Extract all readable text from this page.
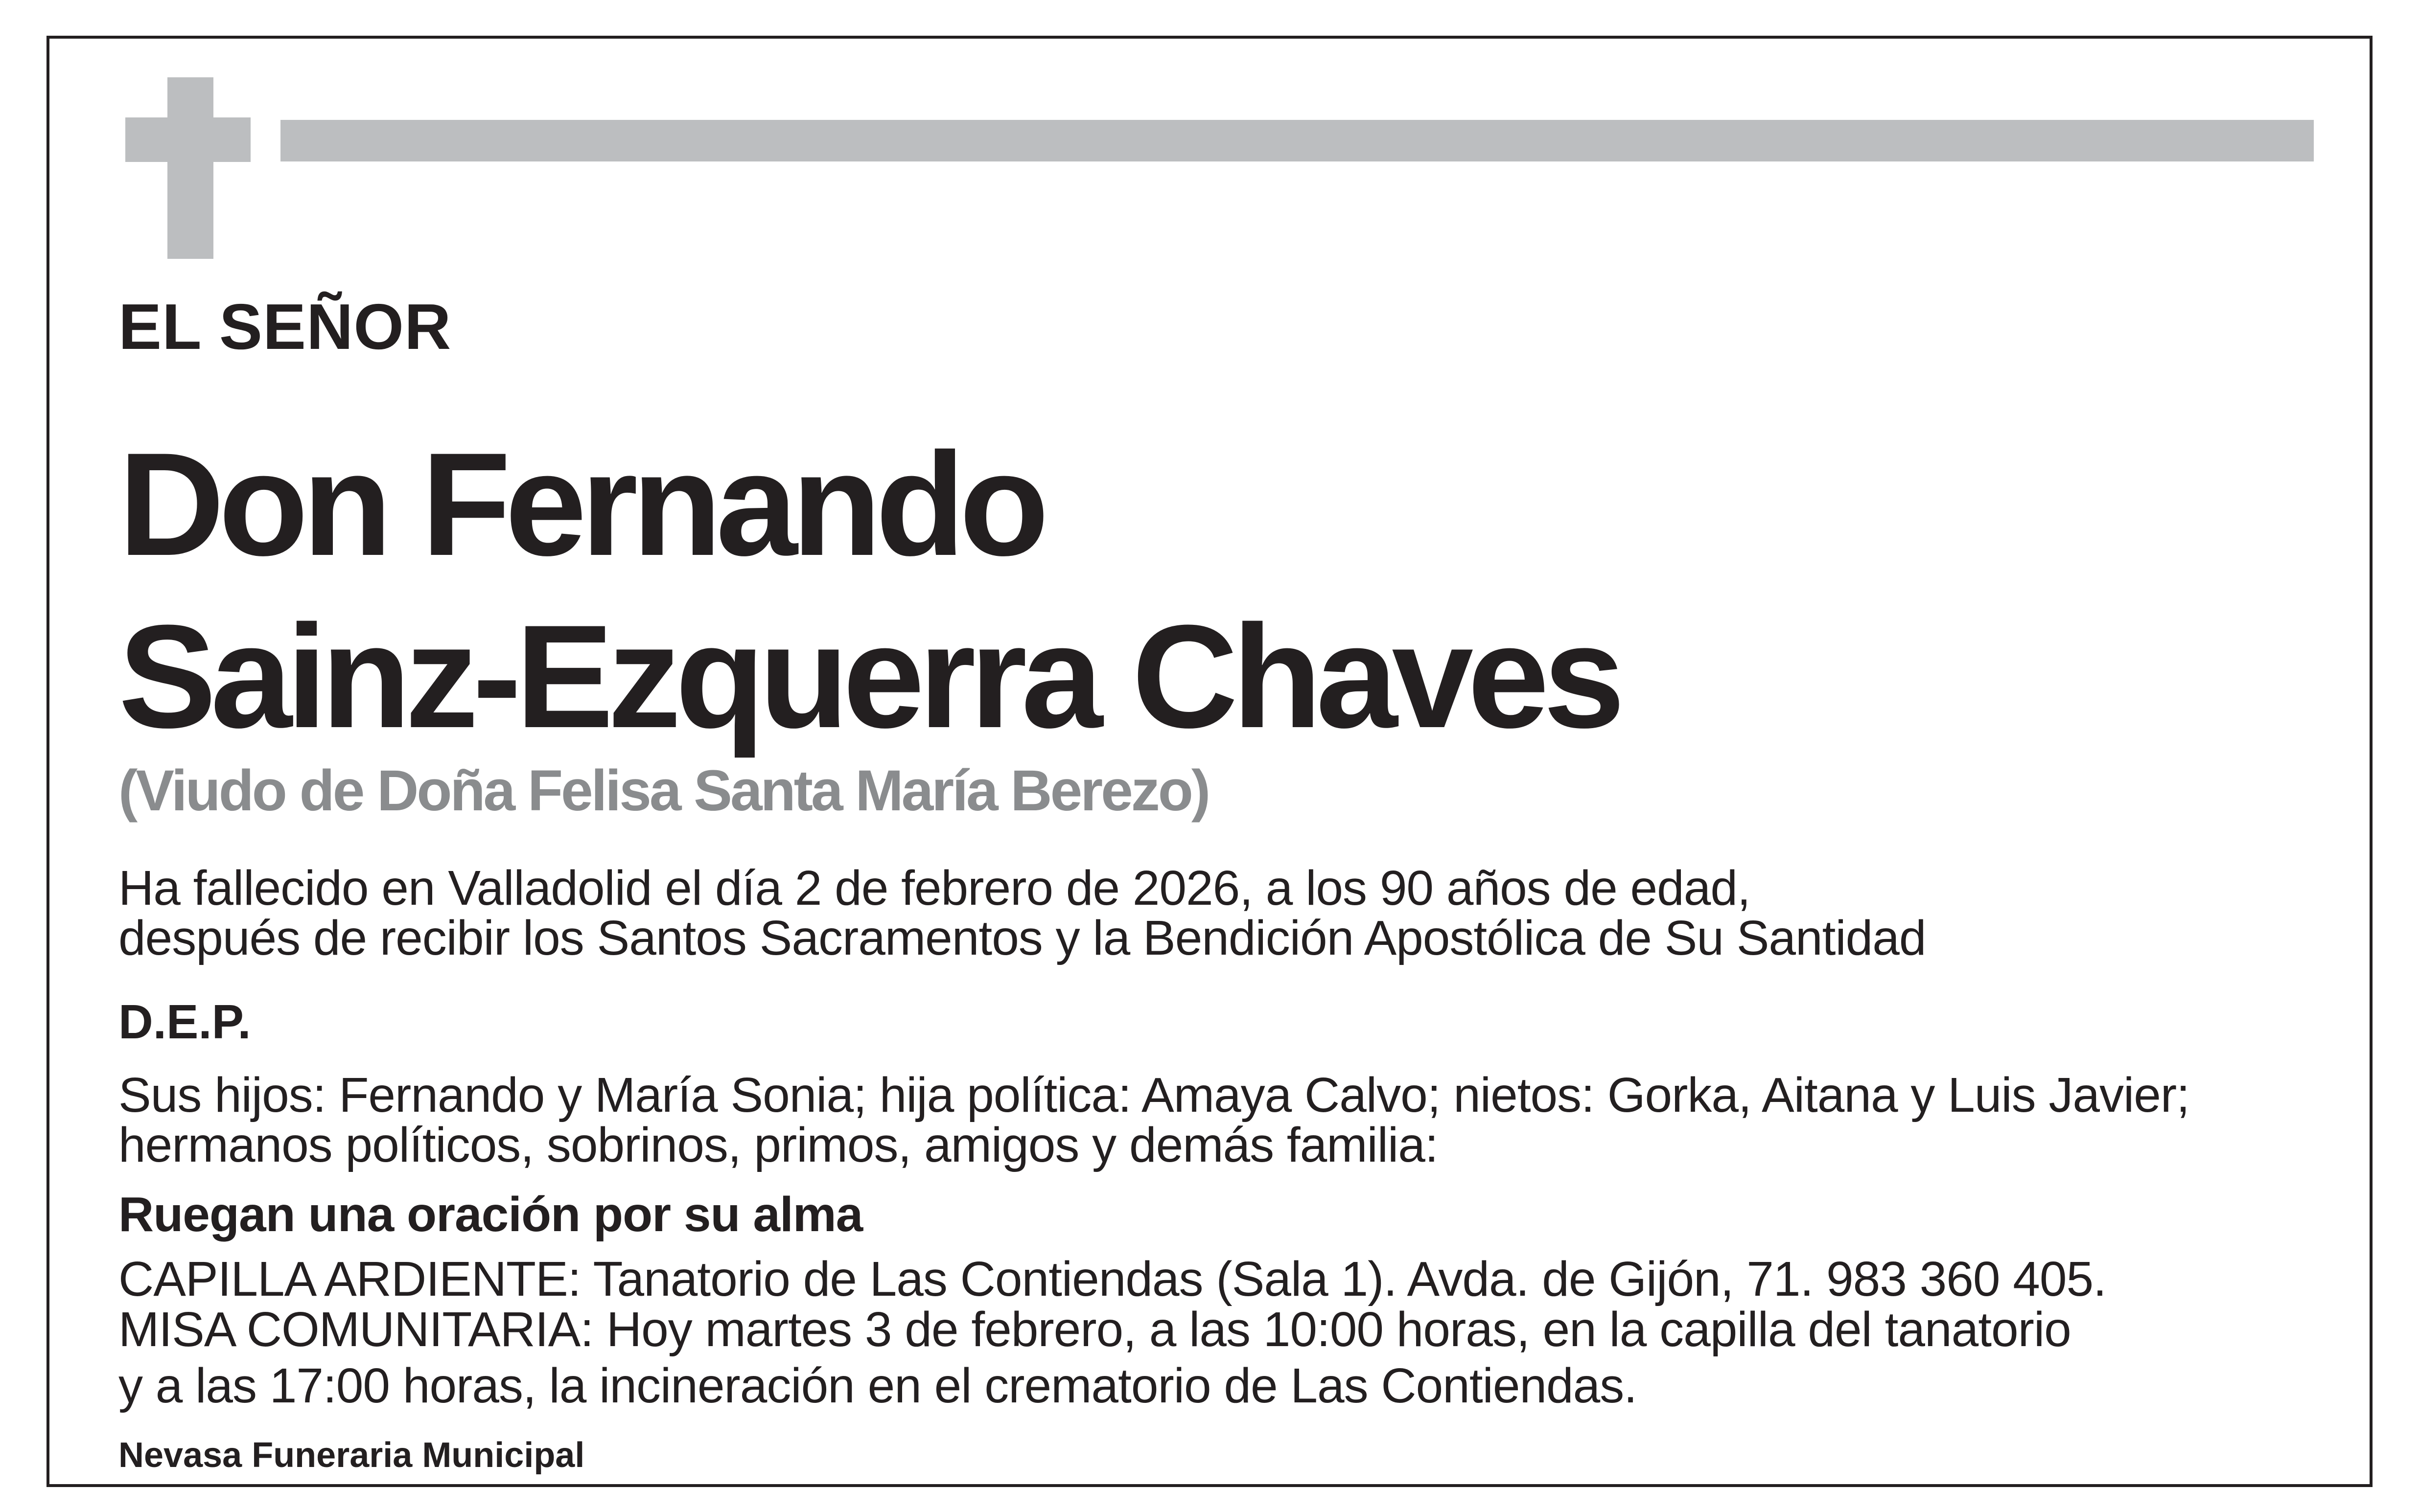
EL SEÑOR

Don Fernando

Sainz-Ezquerra Chaves

(Viudo de Doña Felisa Santa María Berezo)

Ha fallecido en Valladolid el día 2 de febrero de 2026, a los 90 años de edad,

después de recibir los Santos Sacramentos y la Bendición Apostólica de Su Santidad

D.E.P.

Sus hijos: Fernando y María Sonia; hija política: Amaya Calvo; nietos: Gorka, Aitana y Luis Javier;

hermanos políticos, sobrinos, primos, amigos y demás familia:

Ruegan una oración por su alma

CAPILLA ARDIENTE: Tanatorio de Las Contiendas (Sala 1). Avda. de Gijón, 71. 983 360 405.

MISA COMUNITARIA: Hoy martes 3 de febrero, a las 10:00 horas, en la capilla del tanatorio

y a las 17:00 horas, la incineración en el crematorio de Las Contiendas.

Nevasa Funeraria Municipal
